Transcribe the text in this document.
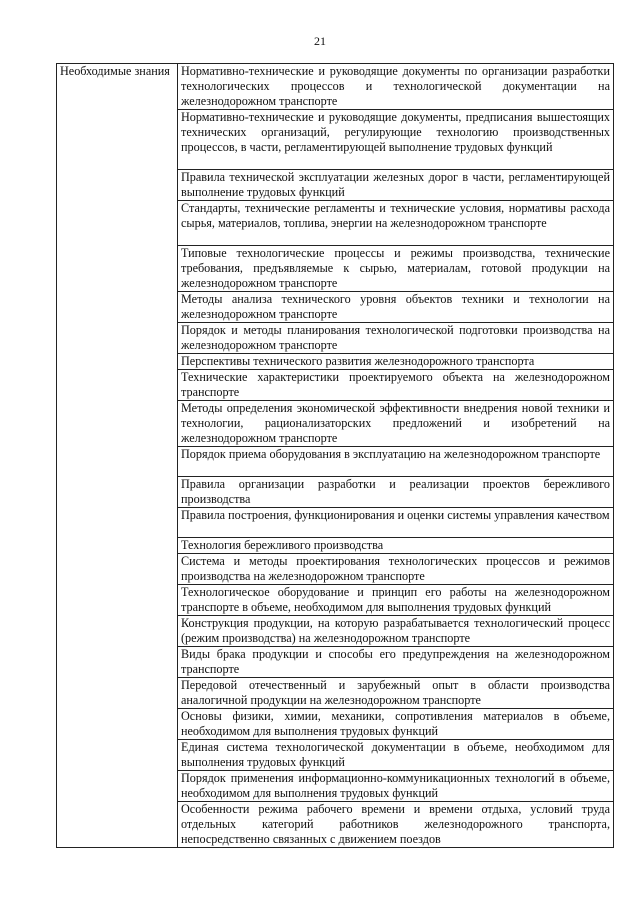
21
Необходимые знания	Нормативно-технические и руководящие документы по организации разработки технологических процессов и технологической документации на железнодорожном транспорте
Нормативно-технические и руководящие документы, предписания вышестоящих технических организаций, регулирующие технологию производственных процессов, в части, регламентирующей выполнение трудовых функций
Правила технической эксплуатации железных дорог в части, регламентирующей выполнение трудовых функций
Стандарты, технические регламенты и технические условия, нормативы расхода сырья, материалов, топлива, энергии на железнодорожном транспорте
Типовые технологические процессы и режимы производства, технические требования, предъявляемые к сырью, материалам, готовой продукции на железнодорожном транспорте
Методы анализа технического уровня объектов техники и технологии на железнодорожном транспорте
Порядок и методы планирования технологической подготовки производства на железнодорожном транспорте
Перспективы технического развития железнодорожного транспорта
Технические характеристики проектируемого объекта на железнодорожном транспорте
Методы определения экономической эффективности внедрения новой техники и технологии, рационализаторских предложений и изобретений на железнодорожном транспорте
Порядок приема оборудования в эксплуатацию на железнодорожном транспорте
Правила организации разработки и реализации проектов бережливого производства
Правила построения, функционирования и оценки системы управления качеством
Технология бережливого производства
Система и методы проектирования технологических процессов и режимов производства на железнодорожном транспорте
Технологическое оборудование и принцип его работы на железнодорожном транспорте в объеме, необходимом для выполнения трудовых функций
Конструкция продукции, на которую разрабатывается технологический процесс (режим производства) на железнодорожном транспорте
Виды брака продукции и способы его предупреждения на железнодорожном транспорте
Передовой отечественный и зарубежный опыт в области производства аналогичной продукции на железнодорожном транспорте
Основы физики, химии, механики, сопротивления материалов в объеме, необходимом для выполнения трудовых функций
Единая система технологической документации в объеме, необходимом для выполнения трудовых функций
Порядок применения информационно-коммуникационных технологий в объеме, необходимом для выполнения трудовых функций
Особенности режима рабочего времени и времени отдыха, условий труда отдельных категорий работников железнодорожного транспорта, непосредственно связанных с движением поездов
